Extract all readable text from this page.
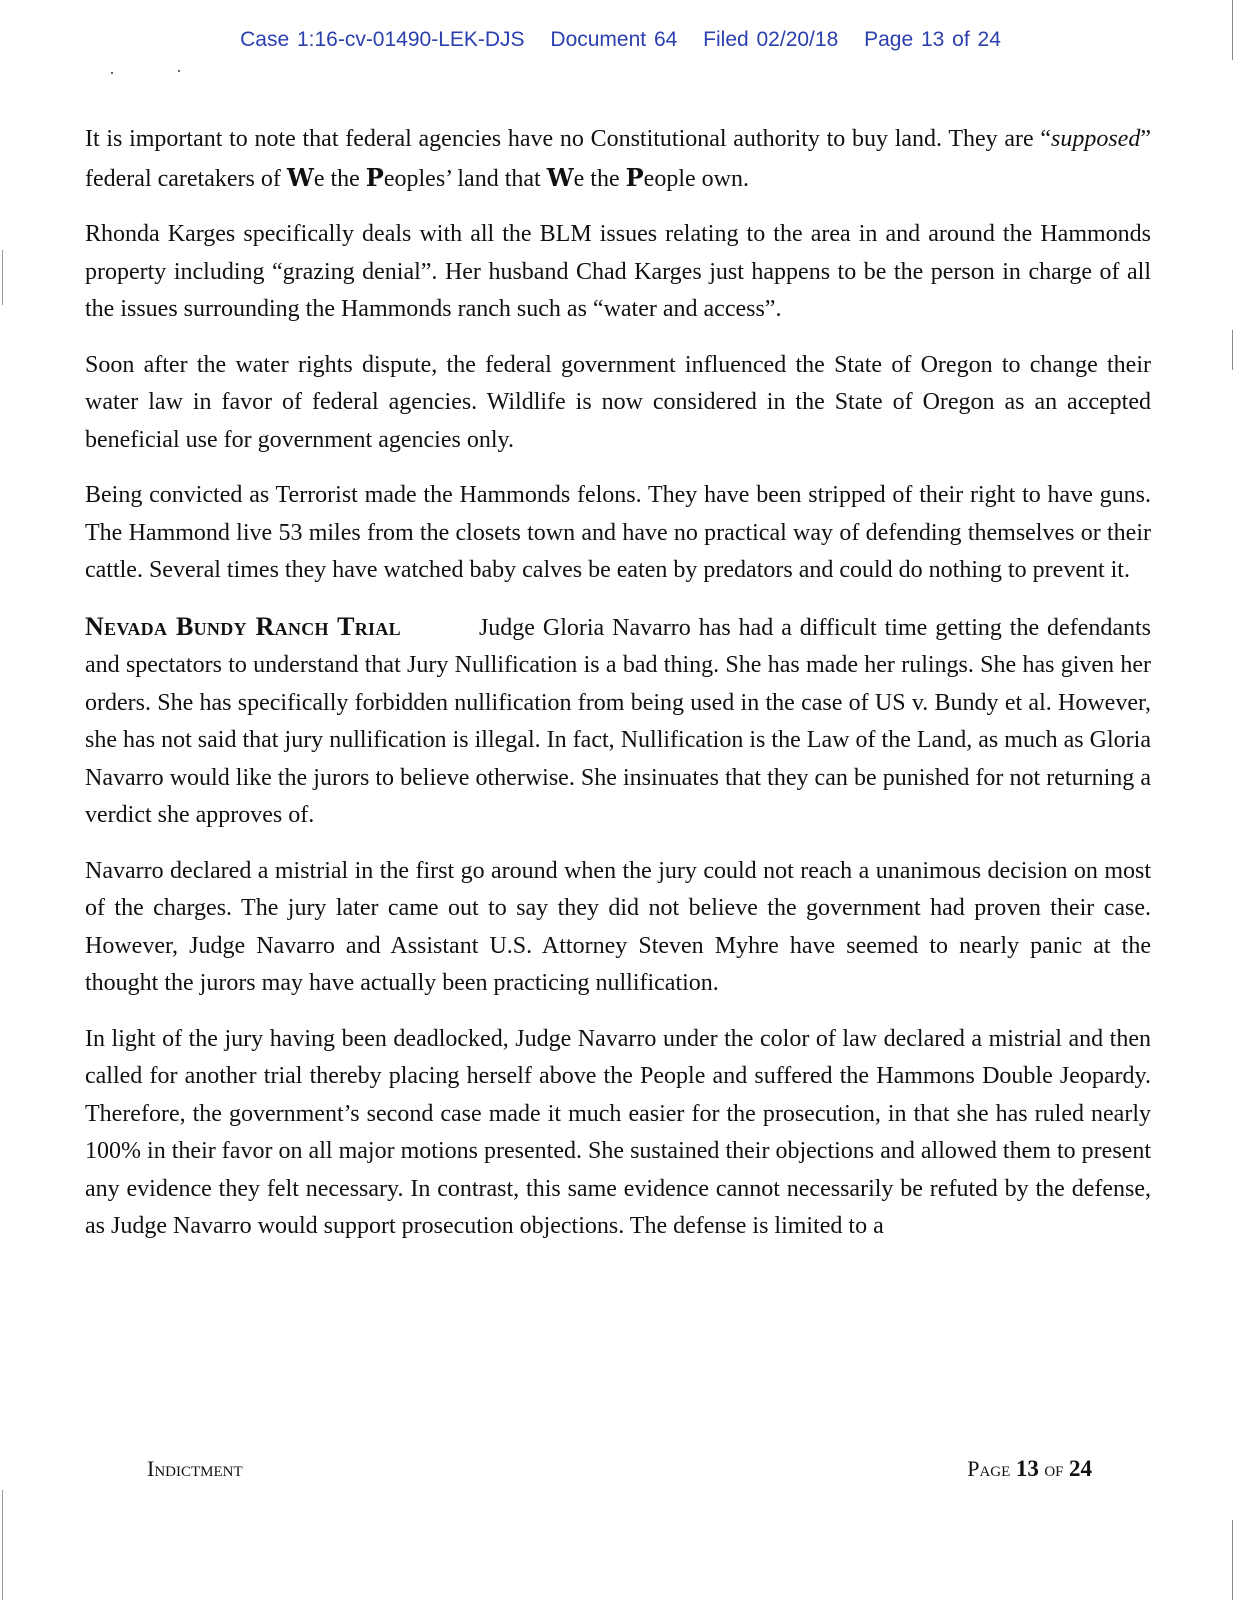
Case 1:16-cv-01490-LEK-DJS Document 64 Filed 02/20/18 Page 13 of 24

It is important to note that federal agencies have no Constitutional authority to buy land. They are “supposed” federal caretakers of We the Peoples’ land that We the People own.

Rhonda Karges specifically deals with all the BLM issues relating to the area in and around the Hammonds property including “grazing denial”. Her husband Chad Karges just happens to be the person in charge of all the issues surrounding the Hammonds ranch such as “water and access”.

Soon after the water rights dispute, the federal government influenced the State of Oregon to change their water law in favor of federal agencies. Wildlife is now considered in the State of Oregon as an accepted beneficial use for government agencies only.

Being convicted as Terrorist made the Hammonds felons. They have been stripped of their right to have guns. The Hammond live 53 miles from the closets town and have no practical way of defending themselves or their cattle. Several times they have watched baby calves be eaten by predators and could do nothing to prevent it.

Nevada Bundy Ranch Trial	Judge Gloria Navarro has had a difficult time getting the defendants and spectators to understand that Jury Nullification is a bad thing. She has made her rulings. She has given her orders. She has specifically forbidden nullification from being used in the case of US v. Bundy et al. However, she has not said that jury nullification is illegal. In fact, Nullification is the Law of the Land, as much as Gloria Navarro would like the jurors to believe otherwise. She insinuates that they can be punished for not returning a verdict she approves of.

Navarro declared a mistrial in the first go around when the jury could not reach a unanimous decision on most of the charges. The jury later came out to say they did not believe the government had proven their case. However, Judge Navarro and Assistant U.S. Attorney Steven Myhre have seemed to nearly panic at the thought the jurors may have actually been practicing nullification.

In light of the jury having been deadlocked, Judge Navarro under the color of law declared a mistrial and then called for another trial thereby placing herself above the People and suffered the Hammons Double Jeopardy. Therefore, the government’s second case made it much easier for the prosecution, in that she has ruled nearly 100% in their favor on all major motions presented. She sustained their objections and allowed them to present any evidence they felt necessary. In contrast, this same evidence cannot necessarily be refuted by the defense, as Judge Navarro would support prosecution objections. The defense is limited to a

Indictment	Page 13 of 24
